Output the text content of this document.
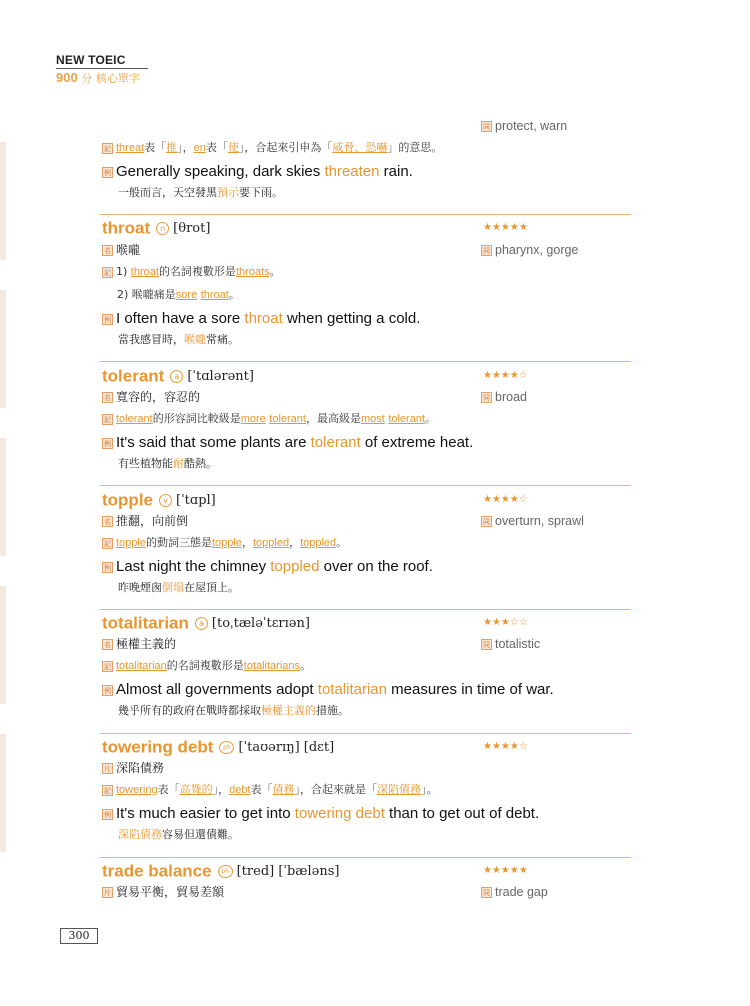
NEW TOEIC
900 分 核心單字
同 protect, warn
記 threat表「推」，en表「使」，合起來引申為「威脅、恐嚇」的意思。
例 Generally speaking, dark skies threaten rain.
一般而言，天空發黑預示要下雨。
throat n [θrot]	★★★★★
名 喉嚨	同 pharynx, gorge
記 1) throat的名詞複數形是throats。
2) 喉嚨痛是sore throat。
例 I often have a sore throat when getting a cold.
當我感冒時，喉嚨常痛。
tolerant a [ˈtɑlərənt]	★★★★☆
名 寬容的，容忍的	同 broad
記 tolerant的形容詞比較級是more tolerant，最高級是most tolerant。
例 It's said that some plants are tolerant of extreme heat.
有些植物能耐酷熱。
topple v [ˈtɑpl]	★★★★☆
名 推翻，向前倒	同 overturn, sprawl
記 topple的動詞三態是topple，toppled，toppled。
例 Last night the chimney toppled over on the roof.
昨晚煙囪倒塌在屋頂上。
totalitarian a [toˌtæləˈtɛrɪən]	★★★☆☆
名 極權主義的	同 totalistic
記 totalitarian的名詞複數形是totalitarians。
例 Almost all governments adopt totalitarian measures in time of war.
幾乎所有的政府在戰時都採取極權主義的措施。
towering debt ph [ˈtaʊərɪŋ] [dɛt]	★★★★☆
片 深陷債務
記 towering表「高聳的」，debt表「債務」，合起來就是「深陷債務」。
例 It's much easier to get into towering debt than to get out of debt.
深陷債務容易但還債難。
trade balance ph [tred] [ˈbæləns]	★★★★★
片 貿易平衡，貿易差額	同 trade gap
300
